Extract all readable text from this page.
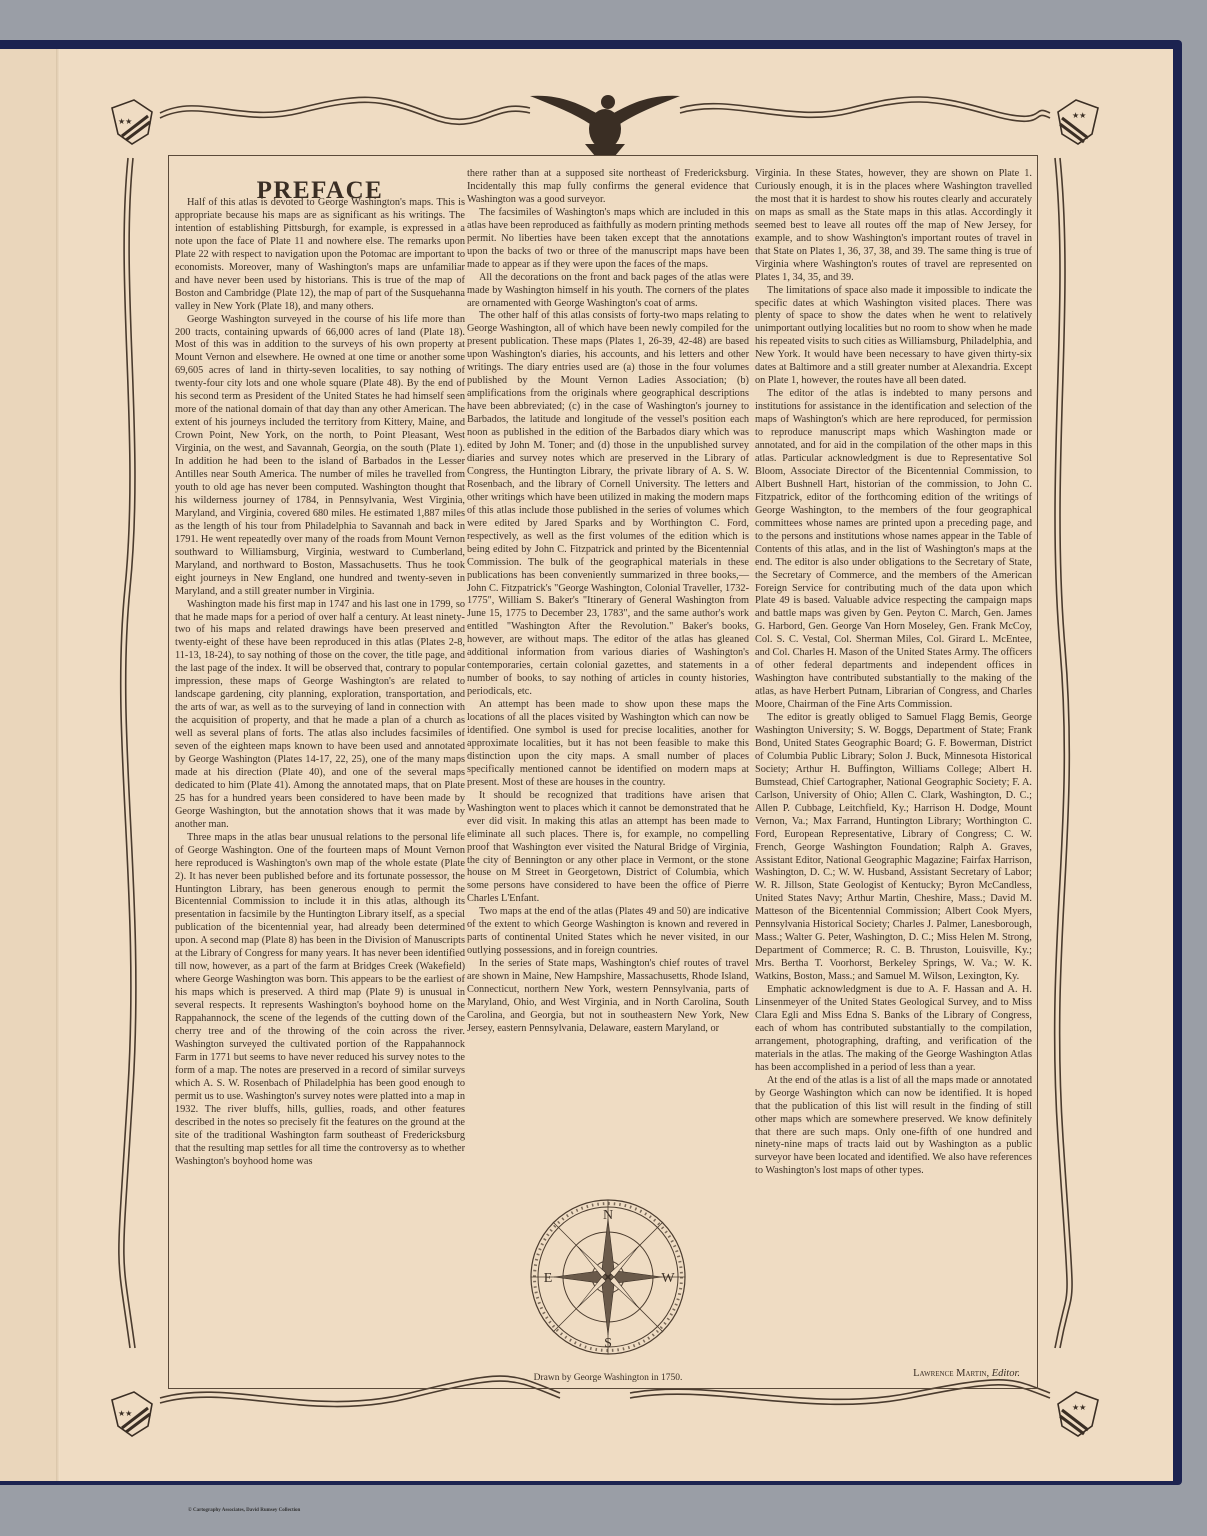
★★
★★
★★
★★
PREFACE

Half of this atlas is devoted to George Washington's maps. This is appropriate because his maps are as significant as his writings. The intention of establishing Pittsburgh, for example, is expressed in a note upon the face of Plate 11 and nowhere else. The remarks upon Plate 22 with respect to navigation upon the Potomac are important to economists. Moreover, many of Washington's maps are unfamiliar and have never been used by historians. This is true of the map of Boston and Cambridge (Plate 12), the map of part of the Susquehanna valley in New York (Plate 18), and many others.

George Washington surveyed in the course of his life more than 200 tracts, containing upwards of 66,000 acres of land (Plate 18). Most of this was in addition to the surveys of his own property at Mount Vernon and elsewhere. He owned at one time or another some 69,605 acres of land in thirty-seven localities, to say nothing of twenty-four city lots and one whole square (Plate 48). By the end of his second term as President of the United States he had himself seen more of the national domain of that day than any other American. The extent of his journeys included the territory from Kittery, Maine, and Crown Point, New York, on the north, to Point Pleasant, West Virginia, on the west, and Savannah, Georgia, on the south (Plate 1). In addition he had been to the island of Barbados in the Lesser Antilles near South America. The number of miles he travelled from youth to old age has never been computed. Washington thought that his wilderness journey of 1784, in Pennsylvania, West Virginia, Maryland, and Virginia, covered 680 miles. He estimated 1,887 miles as the length of his tour from Philadelphia to Savannah and back in 1791. He went repeatedly over many of the roads from Mount Vernon southward to Williamsburg, Virginia, westward to Cumberland, Maryland, and northward to Boston, Massachusetts. Thus he took eight journeys in New England, one hundred and twenty-seven in Maryland, and a still greater number in Virginia.

Washington made his first map in 1747 and his last one in 1799, so that he made maps for a period of over half a century. At least ninety-two of his maps and related drawings have been preserved and twenty-eight of these have been reproduced in this atlas (Plates 2-8, 11-13, 18-24), to say nothing of those on the cover, the title page, and the last page of the index. It will be observed that, contrary to popular impression, these maps of George Washington's are related to landscape gardening, city planning, exploration, transportation, and the arts of war, as well as to the surveying of land in connection with the acquisition of property, and that he made a plan of a church as well as several plans of forts. The atlas also includes facsimiles of seven of the eighteen maps known to have been used and annotated by George Washington (Plates 14-17, 22, 25), one of the many maps made at his direction (Plate 40), and one of the several maps dedicated to him (Plate 41). Among the annotated maps, that on Plate 25 has for a hundred years been considered to have been made by George Washington, but the annotation shows that it was made by another man.

Three maps in the atlas bear unusual relations to the personal life of George Washington. One of the fourteen maps of Mount Vernon here reproduced is Washington's own map of the whole estate (Plate 2). It has never been published before and its fortunate possessor, the Huntington Library, has been generous enough to permit the Bicentennial Commission to include it in this atlas, although its presentation in facsimile by the Huntington Library itself, as a special publication of the bicentennial year, had already been determined upon. A second map (Plate 8) has been in the Division of Manuscripts at the Library of Congress for many years. It has never been identified till now, however, as a part of the farm at Bridges Creek (Wakefield) where George Washington was born. This appears to be the earliest of his maps which is preserved. A third map (Plate 9) is unusual in several respects. It represents Washington's boyhood home on the Rappahannock, the scene of the legends of the cutting down of the cherry tree and of the throwing of the coin across the river. Washington surveyed the cultivated portion of the Rappahannock Farm in 1771 but seems to have never reduced his survey notes to the form of a map. The notes are preserved in a record of similar surveys which A. S. W. Rosenbach of Philadelphia has been good enough to permit us to use. Washington's survey notes were platted into a map in 1932. The river bluffs, hills, gullies, roads, and other features described in the notes so precisely fit the features on the ground at the site of the traditional Washington farm southeast of Fredericksburg that the resulting map settles for all time the controversy as to whether Washington's boyhood home was

there rather than at a supposed site northeast of Fredericksburg. Incidentally this map fully confirms the general evidence that Washington was a good surveyor.

The facsimiles of Washington's maps which are included in this atlas have been reproduced as faithfully as modern printing methods permit. No liberties have been taken except that the annotations upon the backs of two or three of the manuscript maps have been made to appear as if they were upon the faces of the maps.

All the decorations on the front and back pages of the atlas were made by Washington himself in his youth. The corners of the plates are ornamented with George Washington's coat of arms.

The other half of this atlas consists of forty-two maps relating to George Washington, all of which have been newly compiled for the present publication. These maps (Plates 1, 26-39, 42-48) are based upon Washington's diaries, his accounts, and his letters and other writings. The diary entries used are (a) those in the four volumes published by the Mount Vernon Ladies Association; (b) amplifications from the originals where geographical descriptions have been abbreviated; (c) in the case of Washington's journey to Barbados, the latitude and longitude of the vessel's position each noon as published in the edition of the Barbados diary which was edited by John M. Toner; and (d) those in the unpublished survey diaries and survey notes which are preserved in the Library of Congress, the Huntington Library, the private library of A. S. W. Rosenbach, and the library of Cornell University. The letters and other writings which have been utilized in making the modern maps of this atlas include those published in the series of volumes which were edited by Jared Sparks and by Worthington C. Ford, respectively, as well as the first volumes of the edition which is being edited by John C. Fitzpatrick and printed by the Bicentennial Commission. The bulk of the geographical materials in these publications has been conveniently summarized in three books,—John C. Fitzpatrick's "George Washington, Colonial Traveller, 1732-1775", William S. Baker's "Itinerary of General Washington from June 15, 1775 to December 23, 1783", and the same author's work entitled "Washington After the Revolution." Baker's books, however, are without maps. The editor of the atlas has gleaned additional information from various diaries of Washington's contemporaries, certain colonial gazettes, and statements in a number of books, to say nothing of articles in county histories, periodicals, etc.

An attempt has been made to show upon these maps the locations of all the places visited by Washington which can now be identified. One symbol is used for precise localities, another for approximate localities, but it has not been feasible to make this distinction upon the city maps. A small number of places specifically mentioned cannot be identified on modern maps at present. Most of these are houses in the country.

It should be recognized that traditions have arisen that Washington went to places which it cannot be demonstrated that he ever did visit. In making this atlas an attempt has been made to eliminate all such places. There is, for example, no compelling proof that Washington ever visited the Natural Bridge of Virginia, the city of Bennington or any other place in Vermont, or the stone house on M Street in Georgetown, District of Columbia, which some persons have considered to have been the office of Pierre Charles L'Enfant.

Two maps at the end of the atlas (Plates 49 and 50) are indicative of the extent to which George Washington is known and revered in parts of continental United States which he never visited, in our outlying possessions, and in foreign countries.

In the series of State maps, Washington's chief routes of travel are shown in Maine, New Hampshire, Massachusetts, Rhode Island, Connecticut, northern New York, western Pennsylvania, parts of Maryland, Ohio, and West Virginia, and in North Carolina, South Carolina, and Georgia, but not in southeastern New York, New Jersey, eastern Pennsylvania, Delaware, eastern Maryland, or

N
S
E	W
Drawn by George Washington in 1750.

Virginia. In these States, however, they are shown on Plate 1. Curiously enough, it is in the places where Washington travelled the most that it is hardest to show his routes clearly and accurately on maps as small as the State maps in this atlas. Accordingly it seemed best to leave all routes off the map of New Jersey, for example, and to show Washington's important routes of travel in that State on Plates 1, 36, 37, 38, and 39. The same thing is true of Virginia where Washington's routes of travel are represented on Plates 1, 34, 35, and 39.

The limitations of space also made it impossible to indicate the specific dates at which Washington visited places. There was plenty of space to show the dates when he went to relatively unimportant outlying localities but no room to show when he made his repeated visits to such cities as Williamsburg, Philadelphia, and New York. It would have been necessary to have given thirty-six dates at Baltimore and a still greater number at Alexandria. Except on Plate 1, however, the routes have all been dated.

The editor of the atlas is indebted to many persons and institutions for assistance in the identification and selection of the maps of Washington's which are here reproduced, for permission to reproduce manuscript maps which Washington made or annotated, and for aid in the compilation of the other maps in this atlas. Particular acknowledgment is due to Representative Sol Bloom, Associate Director of the Bicentennial Commission, to Albert Bushnell Hart, historian of the commission, to John C. Fitzpatrick, editor of the forthcoming edition of the writings of George Washington, to the members of the four geographical committees whose names are printed upon a preceding page, and to the persons and institutions whose names appear in the Table of Contents of this atlas, and in the list of Washington's maps at the end. The editor is also under obligations to the Secretary of State, the Secretary of Commerce, and the members of the American Foreign Service for contributing much of the data upon which Plate 49 is based. Valuable advice respecting the campaign maps and battle maps was given by Gen. Peyton C. March, Gen. James G. Harbord, Gen. George Van Horn Moseley, Gen. Frank McCoy, Col. S. C. Vestal, Col. Sherman Miles, Col. Girard L. McEntee, and Col. Charles H. Mason of the United States Army. The officers of other federal departments and independent offices in Washington have contributed substantially to the making of the atlas, as have Herbert Putnam, Librarian of Congress, and Charles Moore, Chairman of the Fine Arts Commission.

The editor is greatly obliged to Samuel Flagg Bemis, George Washington University; S. W. Boggs, Department of State; Frank Bond, United States Geographic Board; G. F. Bowerman, District of Columbia Public Library; Solon J. Buck, Minnesota Historical Society; Arthur H. Buffington, Williams College; Albert H. Bumstead, Chief Cartographer, National Geographic Society; F. A. Carlson, University of Ohio; Allen C. Clark, Washington, D. C.; Allen P. Cubbage, Leitchfield, Ky.; Harrison H. Dodge, Mount Vernon, Va.; Max Farrand, Huntington Library; Worthington C. Ford, European Representative, Library of Congress; C. W. French, George Washington Foundation; Ralph A. Graves, Assistant Editor, National Geographic Magazine; Fairfax Harrison, Washington, D. C.; W. W. Husband, Assistant Secretary of Labor; W. R. Jillson, State Geologist of Kentucky; Byron McCandless, United States Navy; Arthur Martin, Cheshire, Mass.; David M. Matteson of the Bicentennial Commission; Albert Cook Myers, Pennsylvania Historical Society; Charles J. Palmer, Lanesborough, Mass.; Walter G. Peter, Washington, D. C.; Miss Helen M. Strong, Department of Commerce; R. C. B. Thruston, Louisville, Ky.; Mrs. Bertha T. Voorhorst, Berkeley Springs, W. Va.; W. K. Watkins, Boston, Mass.; and Samuel M. Wilson, Lexington, Ky.

Emphatic acknowledgment is due to A. F. Hassan and A. H. Linsenmeyer of the United States Geological Survey, and to Miss Clara Egli and Miss Edna S. Banks of the Library of Congress, each of whom has contributed substantially to the compilation, arrangement, photographing, drafting, and verification of the materials in the atlas. The making of the George Washington Atlas has been accomplished in a period of less than a year.

At the end of the atlas is a list of all the maps made or annotated by George Washington which can now be identified. It is hoped that the publication of this list will result in the finding of still other maps which are somewhere preserved. We know definitely that there are such maps. Only one-fifth of one hundred and ninety-nine maps of tracts laid out by Washington as a public surveyor have been located and identified. We also have references to Washington's lost maps of other types.

Lawrence Martin, Editor.
© Cartography Associates, David Rumsey Collection
